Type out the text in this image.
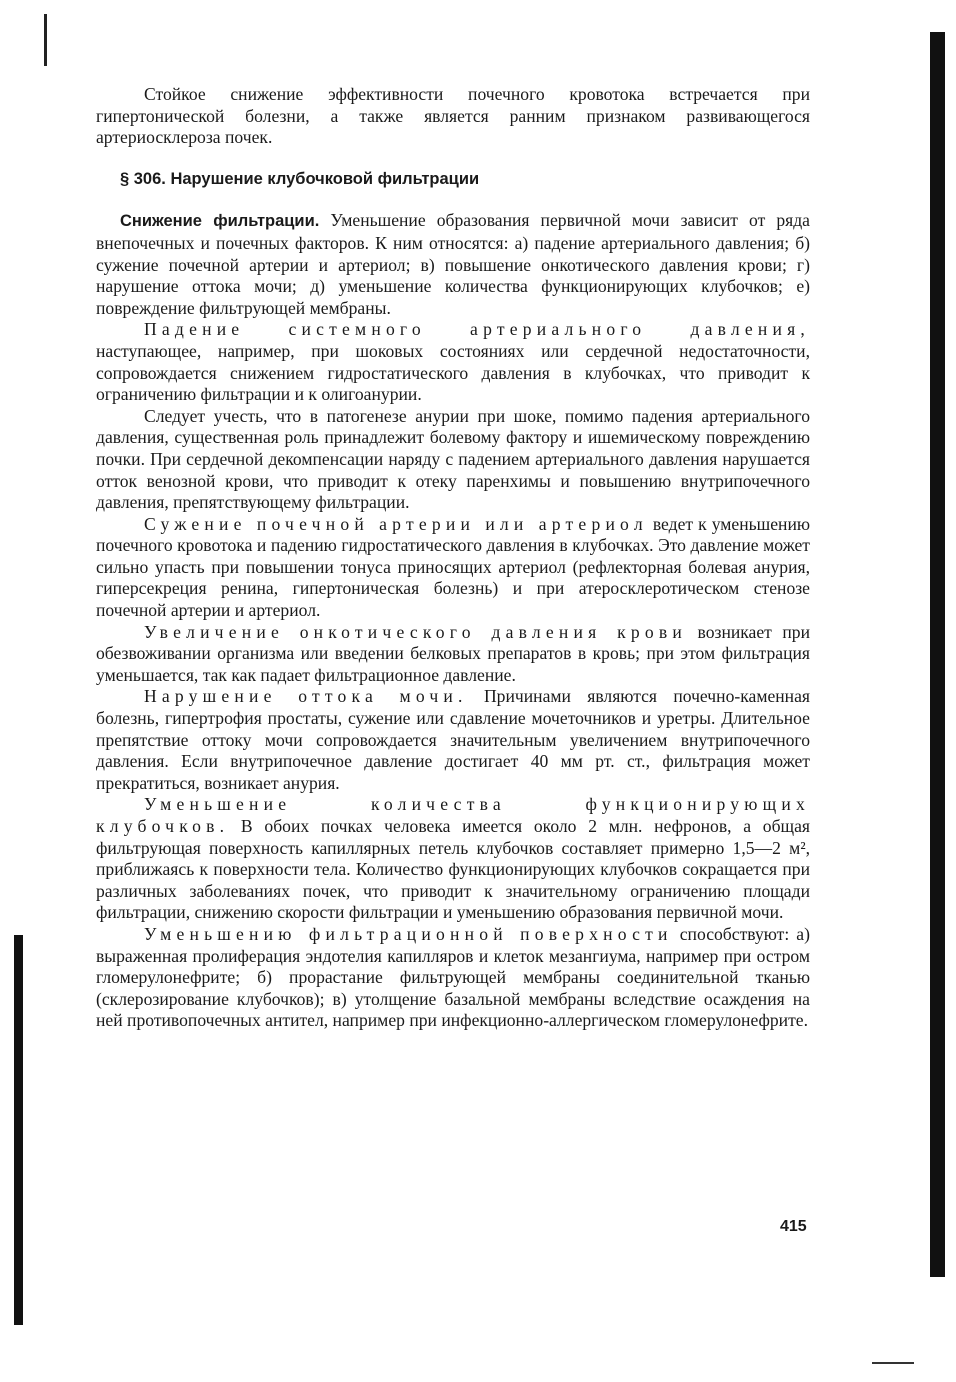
Стойкое снижение эффективности почечного кровотока встречается при гипертонической болезни, а также является ранним признаком развивающегося артериосклероза почек.

§ 306. Нарушение клубочковой фильтрации

Снижение фильтрации. Уменьшение образования первичной мочи зависит от ряда внепочечных и почечных факторов. К ним относятся: а) падение артериального давления; б) сужение почечной артерии и артериол; в) повышение онкотического давления крови; г) нарушение оттока мочи; д) уменьшение количества функционирующих клубочков; е) повреждение фильтрующей мембраны.

Падение системного артериального давления, наступающее, например, при шоковых состояниях или сердечной недостаточности, сопровождается снижением гидростатического давления в клубочках, что приводит к ограничению фильтрации и к олигоанурии.

Следует учесть, что в патогенезе анурии при шоке, помимо падения артериального давления, существенная роль принадлежит болевому фактору и ишемическому повреждению почки. При сердечной декомпенсации наряду с падением артериального давления нарушается отток венозной крови, что приводит к отеку паренхимы и повышению внутрипочечного давления, препятствующему фильтрации.

Сужение почечной артерии или артериол ведет к уменьшению почечного кровотока и падению гидростатического давления в клубочках. Это давление может сильно упасть при повышении тонуса приносящих артериол (рефлекторная болевая анурия, гиперсекреция ренина, гипертоническая болезнь) и при атеросклеротическом стенозе почечной артерии и артериол.

Увеличение онкотического давления крови возникает при обезвоживании организма или введении белковых препаратов в кровь; при этом фильтрация уменьшается, так как падает фильтрационное давление.

Нарушение оттока мочи. Причинами являются почечно-каменная болезнь, гипертрофия простаты, сужение или сдавление мочеточников и уретры. Длительное препятствие оттоку мочи сопровождается значительным увеличением внутрипочечного давления. Если внутрипочечное давление достигает 40 мм рт. ст., фильтрация может прекратиться, возникает анурия.

Уменьшение количества функционирующих клубочков. В обоих почках человека имеется около 2 млн. нефронов, а общая фильтрующая поверхность капиллярных петель клубочков составляет примерно 1,5—2 м², приближаясь к поверхности тела. Количество функционирующих клубочков сокращается при различных заболеваниях почек, что приводит к значительному ограничению площади фильтрации, снижению скорости фильтрации и уменьшению образования первичной мочи.

Уменьшению фильтрационной поверхности способствуют: а) выраженная пролиферация эндотелия капилляров и клеток мезангиума, например при остром гломерулонефрите; б) прорастание фильтрующей мембраны соединительной тканью (склерозирование клубочков); в) утолщение базальной мембраны вследствие осаждения на ней противопочечных антител, например при инфекционно-аллергическом гломерулонефрите.

415
